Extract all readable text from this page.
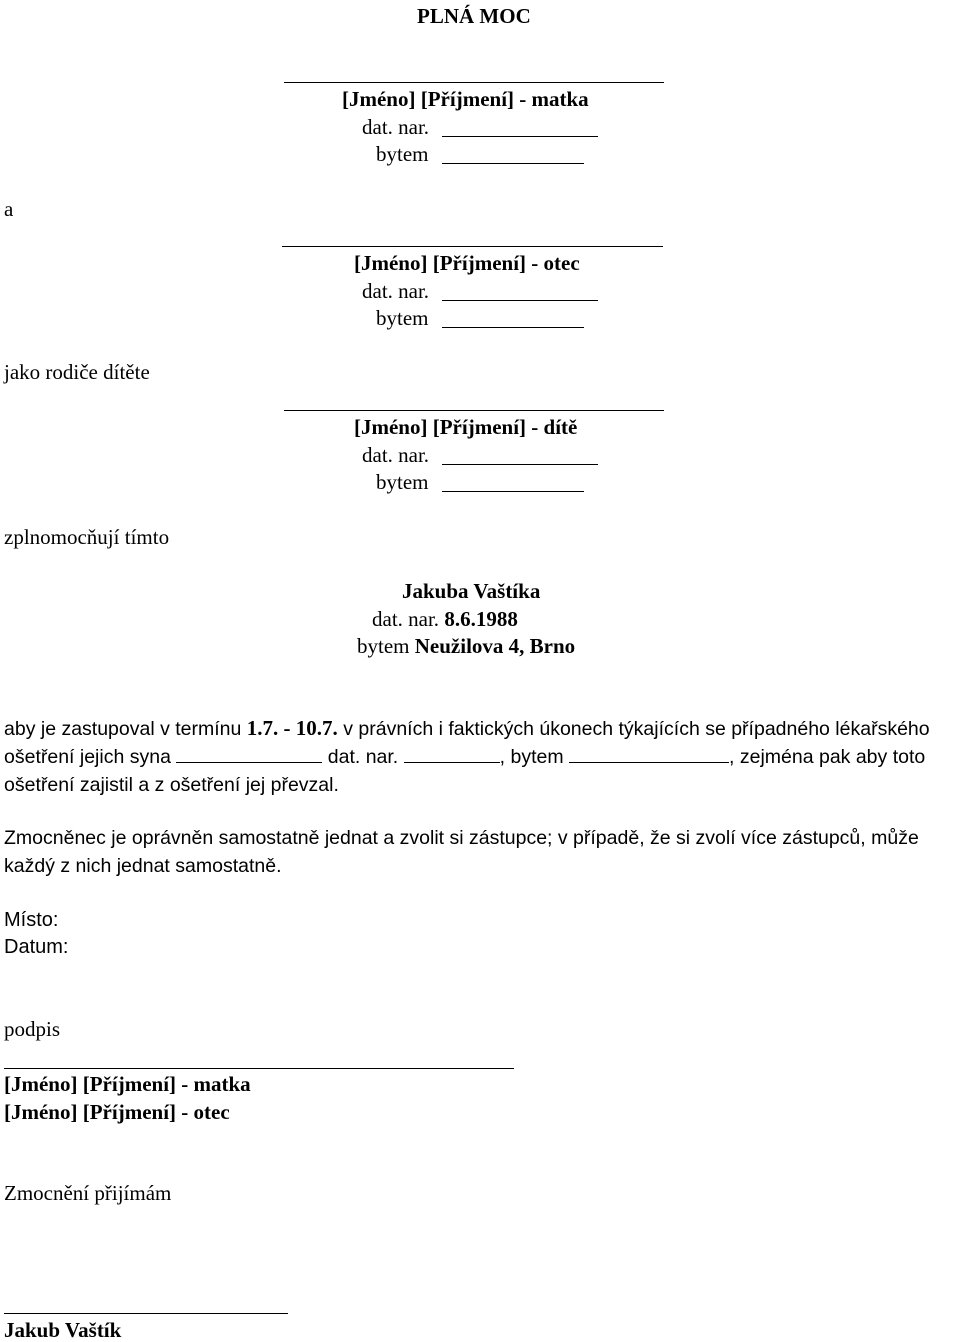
PLNÁ MOC
[Jméno] [Příjmení] - matka
dat. nar.
bytem
a
[Jméno] [Příjmení] - otec
dat. nar.
bytem
jako rodiče dítěte
[Jméno] [Příjmení] - dítě
dat. nar.
bytem
zplnomocňují tímto
Jakuba Vaštíka
dat. nar. 8.6.1988
bytem Neužilova 4, Brno
aby je zastupoval v termínu 1.7. - 10.7. v právních i faktických úkonech týkajících se případného lékařského ošetření jejich syna	dat. nar.	, bytem	, zejména pak aby toto ošetření zajistil a z ošetření jej převzal.
Zmocněnec je oprávněn samostatně jednat a zvolit si zástupce; v případě, že si zvolí více zástupců, může každý z nich jednat samostatně.
Místo:
Datum:
podpis
[Jméno] [Příjmení] - matka
[Jméno] [Příjmení] - otec
Zmocnění přijímám
Jakub Vaštík
